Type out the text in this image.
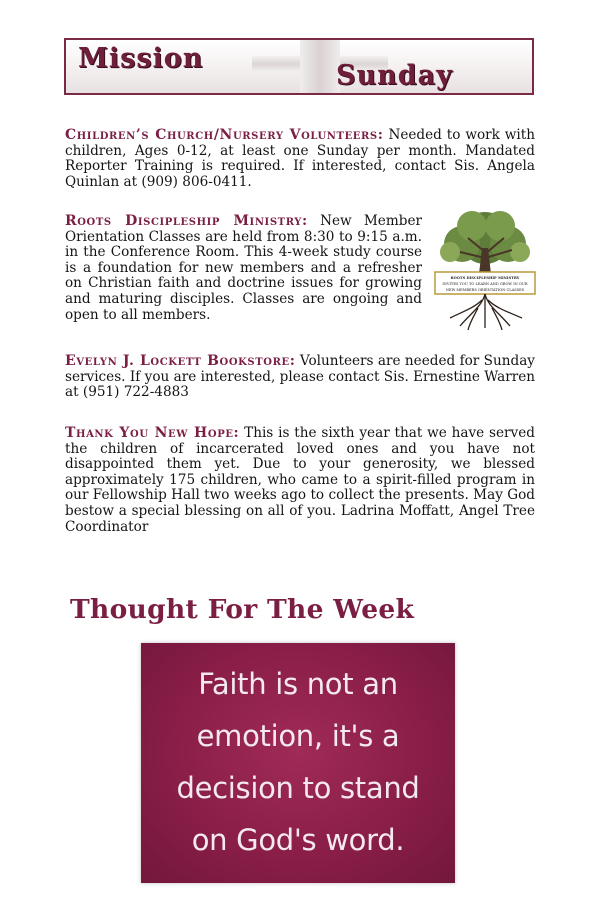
Mission
Sunday
Children’s Church/Nursery Volunteers: Needed to work with children, Ages 0-12, at least one Sunday per month. Mandated Reporter Training is required. If interested, contact Sis. Angela Quinlan at (909) 806-0411.
Roots Discipleship Ministry: New Member Orientation Classes are held from 8:30 to 9:15 a.m. in the Conference Room. This 4-week study course is a foundation for new members and a refresher on Christian faith and doctrine issues for growing and maturing disciples. Classes are ongoing and open to all members.
ROOTS DISCIPLESHIP MINISTRY
INVITES YOU TO LEARN AND GROW IN OUR
NEW MEMBERS ORIENTATION CLASSES
Evelyn J. Lockett Bookstore: Volunteers are needed for Sunday services. If you are interested, please contact Sis. Ernestine Warren at (951) 722-4883
Thank You New Hope: This is the sixth year that we have served the children of incarcerated loved ones and you have not disappointed them yet. Due to your generosity, we blessed approximately 175 children, who came to a spirit-filled program in our Fellowship Hall two weeks ago to collect the presents. May God bestow a special blessing on all of you. Ladrina Moffatt, Angel Tree Coordinator
Thought For The Week
Faith is not an
emotion, it's a
decision to stand
on God's word.
